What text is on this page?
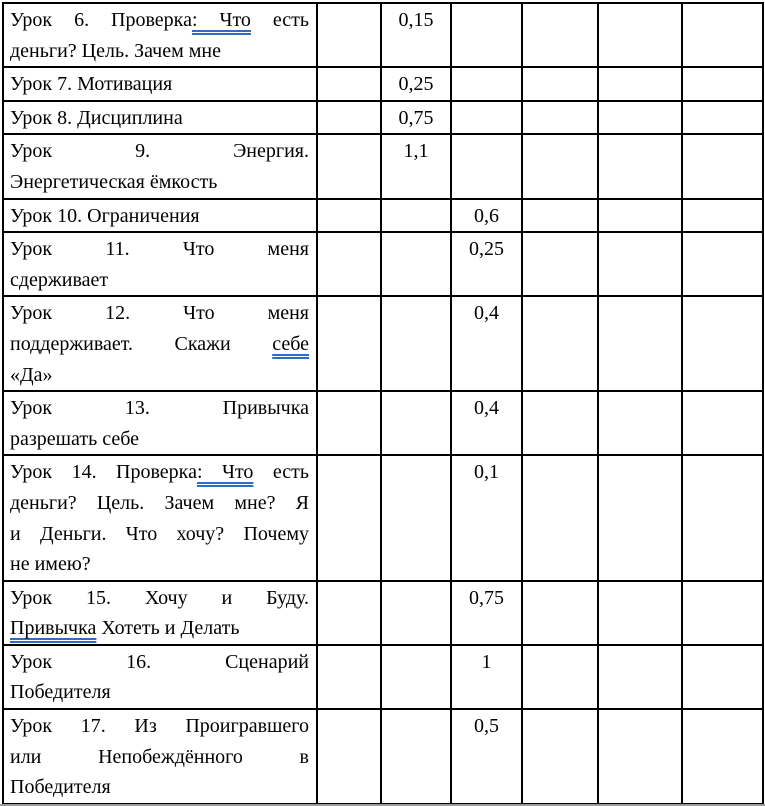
Урок 6. Проверка: Что есть
деньги? Цель. Зачем мне		0,15				

Урок 7. Мотивация		0,25				

Урок 8. Дисциплина		0,75				

Урок 9. Энергия.
Энергетическая ёмкость		1,1				

Урок 10. Ограничения			0,6			

Урок 11. Что меня
сдерживает			0,25			

Урок 12. Что меня
поддерживает. Скажи себе
«Да»			0,4			

Урок 13. Привычка
разрешать себе			0,4			

Урок 14. Проверка: Что есть
деньги? Цель. Зачем мне? Я
и Деньги. Что хочу? Почему
не имею?			0,1			

Урок 15. Хочу и Буду.
Привычка Хотеть и Делать			0,75			

Урок 16. Сценарий
Победителя			1			

Урок 17. Из Проигравшего
или Непобеждённого в
Победителя			0,5			
